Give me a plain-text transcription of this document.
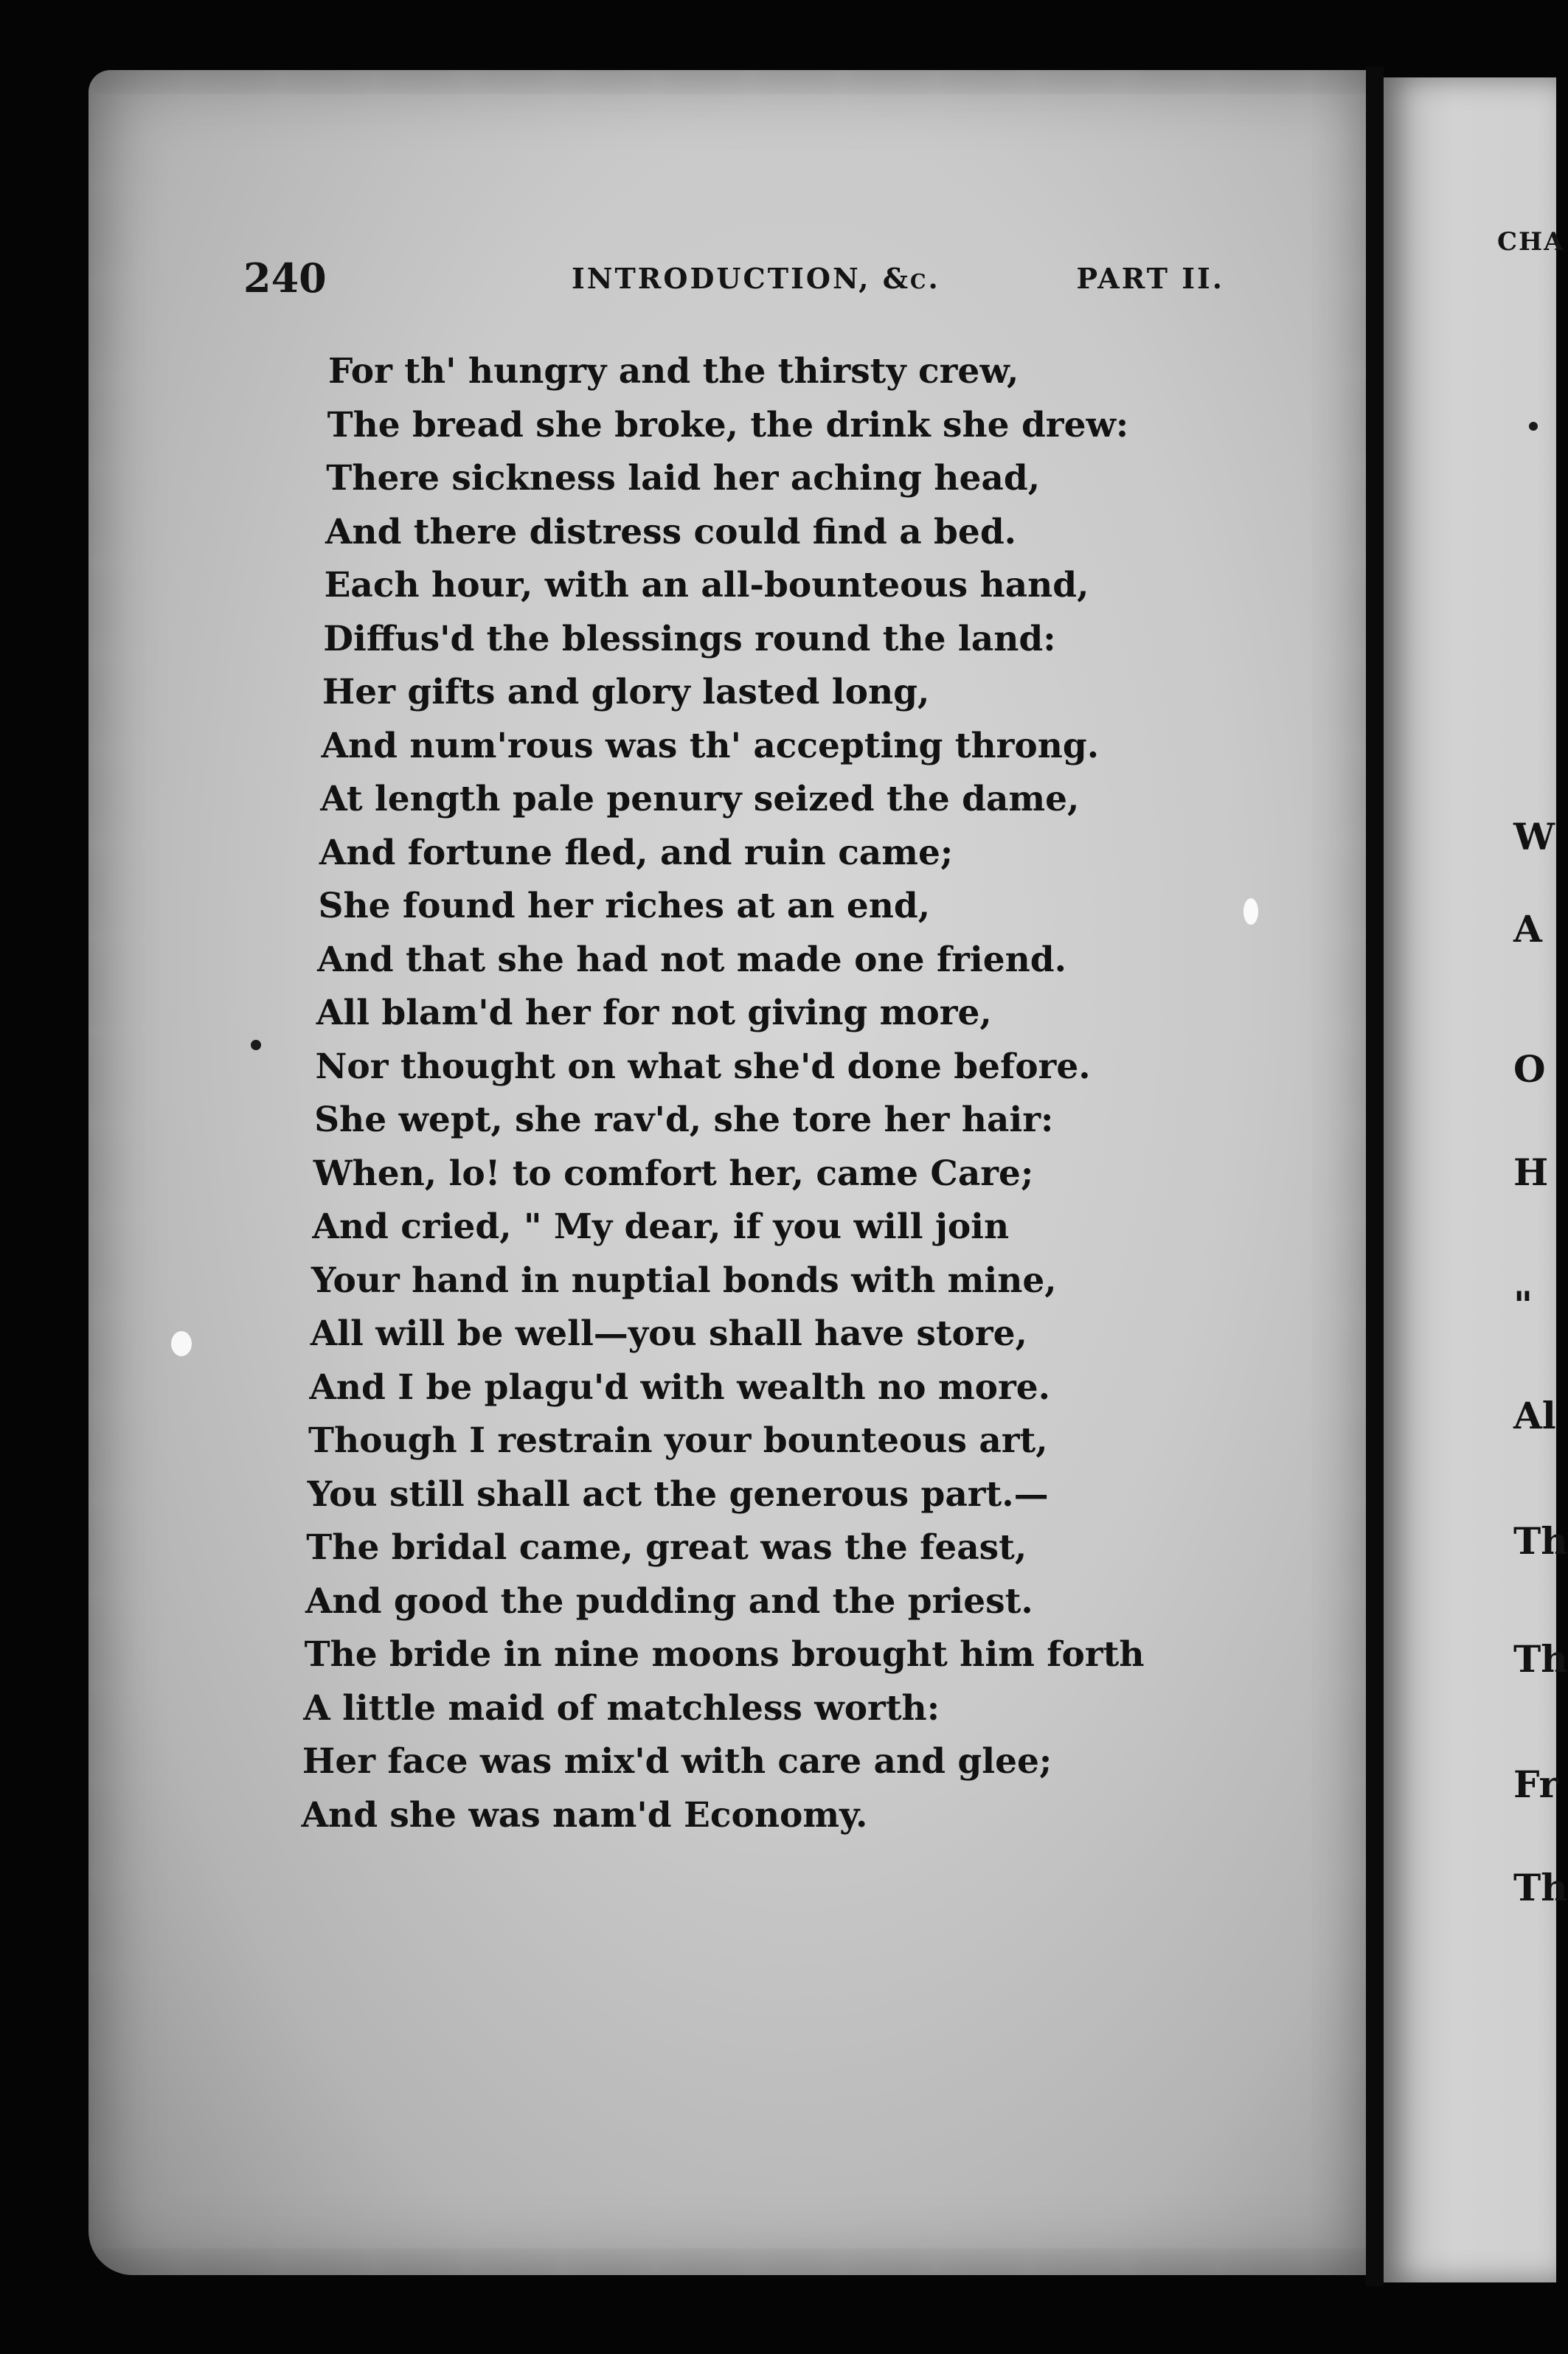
240	INTRODUCTION, &c.	PART II.
For th' hungry and the thirsty crew,
The bread she broke, the drink she drew:
There sickness laid her aching head,
And there distress could find a bed.
Each hour, with an all-bounteous hand,
Diffus'd the blessings round the land:
Her gifts and glory lasted long,
And num'rous was th' accepting throng.
At length pale penury seized the dame,
And fortune fled, and ruin came;
She found her riches at an end,
And that she had not made one friend.
All blam'd her for not giving more,
Nor thought on what she'd done before.
She wept, she rav'd, she tore her hair:
When, lo! to comfort her, came Care;
And cried, " My dear, if you will join
Your hand in nuptial bonds with mine,
All will be well—you shall have store,
And I be plagu'd with wealth no more.
Though I restrain your bounteous art,
You still shall act the generous part.—
The bridal came, great was the feast,
And good the pudding and the priest.
The bride in nine moons brought him forth
A little maid of matchless worth:
Her face was mix'd with care and glee;
And she was nam'd Economy.
CHA
W
A
O
H
"
Al
Th
Th
Fr
Th
